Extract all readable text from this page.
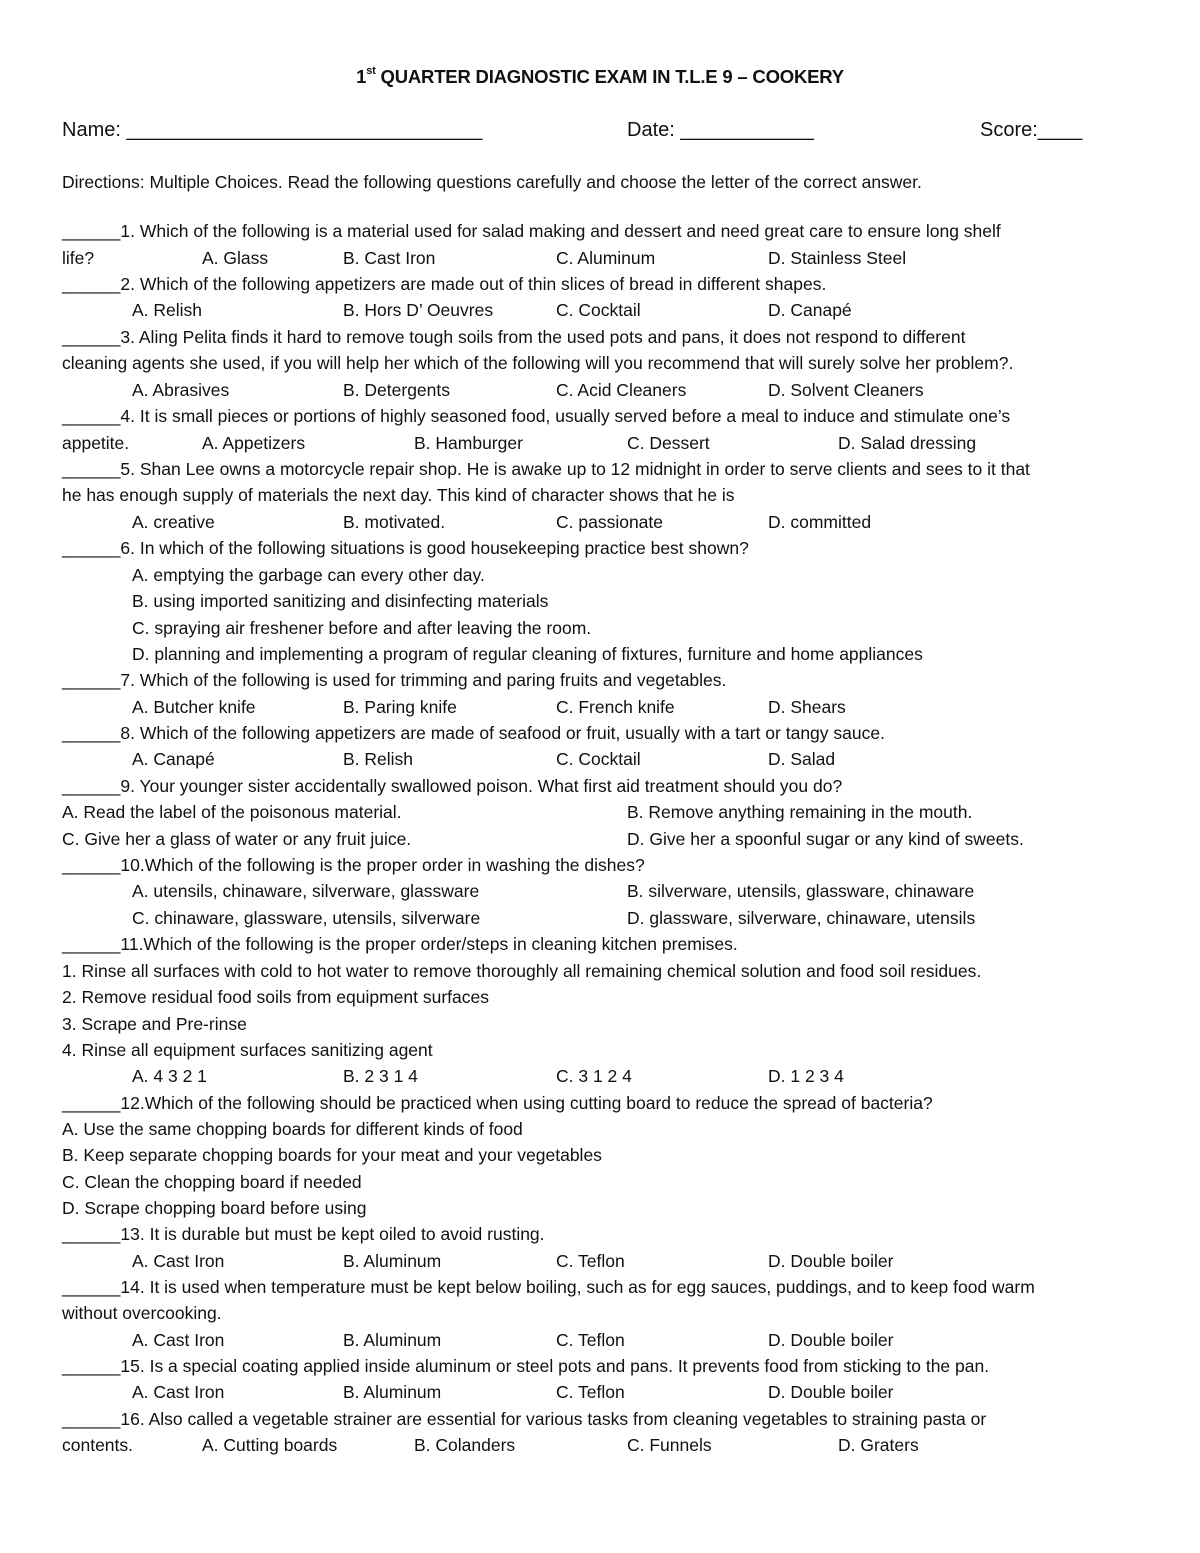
1st QUARTER DIAGNOSTIC EXAM IN T.L.E 9 – COOKERY
Name: ________________________________	Date: ____________	Score:____
Directions: Multiple Choices. Read the following questions carefully and choose the letter of the correct answer.
______1. Which of the following is a material used for salad making and dessert and need great care to ensure long shelf
life?	A. Glass	B. Cast Iron	C. Aluminum	D. Stainless Steel
______2. Which of the following appetizers are made out of thin slices of bread in different shapes.
A. Relish	B. Hors D’ Oeuvres	C. Cocktail	D. Canapé
______3. Aling Pelita finds it hard to remove tough soils from the used pots and pans, it does not respond to different
cleaning agents she used, if you will help her which of the following will you recommend that will surely solve her problem?.
A. Abrasives	B. Detergents	C. Acid Cleaners	D. Solvent Cleaners
______4. It is small pieces or portions of highly seasoned food, usually served before a meal to induce and stimulate one’s
appetite.	A. Appetizers	B. Hamburger	C. Dessert	D. Salad dressing
______5. Shan Lee owns a motorcycle repair shop. He is awake up to 12 midnight in order to serve clients and sees to it that
he has enough supply of materials the next day. This kind of character shows that he is
A. creative	B. motivated.	C. passionate	D. committed
______6. In which of the following situations is good housekeeping practice best shown?
A. emptying the garbage can every other day.
B. using imported sanitizing and disinfecting materials
C. spraying air freshener before and after leaving the room.
D. planning and implementing a program of regular cleaning of fixtures, furniture and home appliances
______7. Which of the following is used for trimming and paring fruits and vegetables.
A. Butcher knife	B. Paring knife	C. French knife	D. Shears
______8. Which of the following appetizers are made of seafood or fruit, usually with a tart or tangy sauce.
A. Canapé	B. Relish	C. Cocktail	D. Salad
______9. Your younger sister accidentally swallowed poison. What first aid treatment should you do?
A. Read the label of the poisonous material.	B. Remove anything remaining in the mouth.
C. Give her a glass of water or any fruit juice.	D. Give her a spoonful sugar or any kind of sweets.
______10.Which of the following is the proper order in washing the dishes?
A. utensils, chinaware, silverware, glassware	B. silverware, utensils, glassware, chinaware
C. chinaware, glassware, utensils, silverware	D. glassware, silverware, chinaware, utensils
______11.Which of the following is the proper order/steps in cleaning kitchen premises.
1. Rinse all surfaces with cold to hot water to remove thoroughly all remaining chemical solution and food soil residues.
2. Remove residual food soils from equipment surfaces
3. Scrape and Pre-rinse
4. Rinse all equipment surfaces sanitizing agent
A. 4 3 2 1	B. 2 3 1 4	C. 3 1 2 4	D. 1 2 3 4
______12.Which of the following should be practiced when using cutting board to reduce the spread of bacteria?
A. Use the same chopping boards for different kinds of food
B. Keep separate chopping boards for your meat and your vegetables
C. Clean the chopping board if needed
D. Scrape chopping board before using
______13. It is durable but must be kept oiled to avoid rusting.
A. Cast Iron	B. Aluminum	C. Teflon	D. Double boiler
______14. It is used when temperature must be kept below boiling, such as for egg sauces, puddings, and to keep food warm
without overcooking.
A. Cast Iron	B. Aluminum	C. Teflon	D. Double boiler
______15. Is a special coating applied inside aluminum or steel pots and pans. It prevents food from sticking to the pan.
A. Cast Iron	B. Aluminum	C. Teflon	D. Double boiler
______16. Also called a vegetable strainer are essential for various tasks from cleaning vegetables to straining pasta or
contents.	A. Cutting boards	B. Colanders	C. Funnels	D. Graters
